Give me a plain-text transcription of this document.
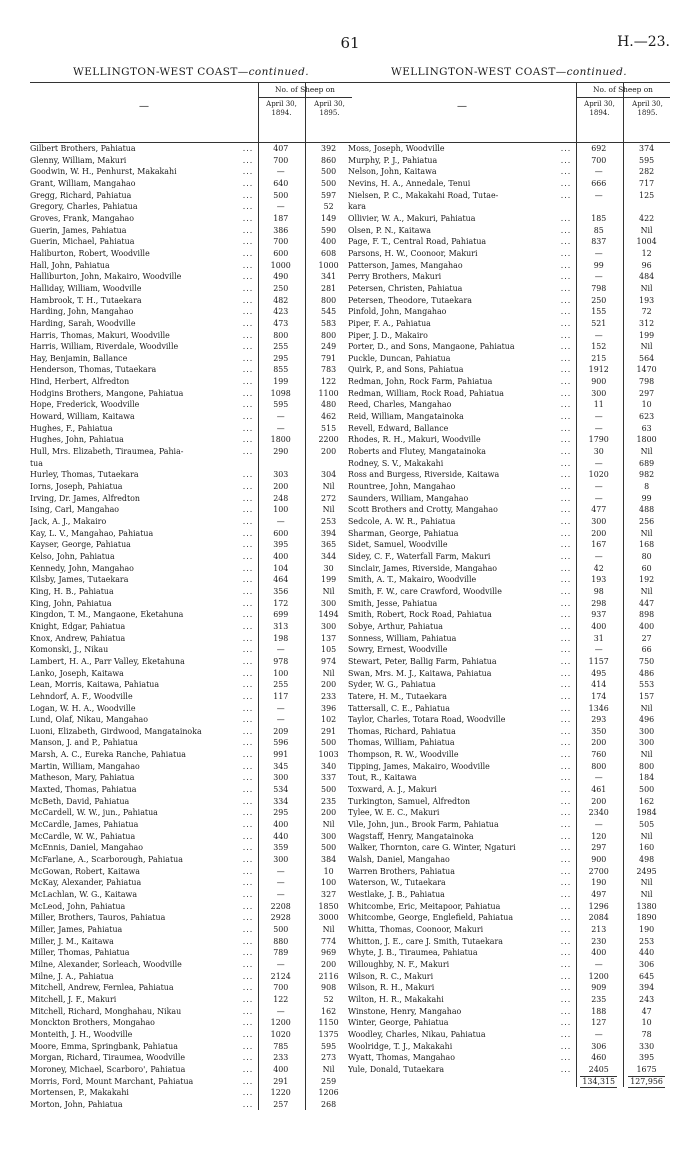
61	H.—23.
WELLINGTON-WEST COAST—continued.
—
No. of Sheep on
April 30, 1894.
April 30, 1895.
Gilbert Brothers, Pahiatua	...	407	392
Glenny, William, Makuri	...	700	860
Goodwin, W. H., Penhurst, Makakahi	...	—	500
Grant, William, Mangahao	...	640	500
Gregg, Richard, Pahiatua	...	500	597
Gregory, Charles, Pahiatua	...	—	52
Groves, Frank, Mangahao	...	187	149
Guerin, James, Pahiatua	...	386	590
Guerin, Michael, Pahiatua	...	700	400
Haliburton, Robert, Woodville	...	600	608
Hall, John, Pahiatua	...	1000	1000
Halliburton, John, Makairo, Woodville	...	490	341
Halliday, William, Woodville	...	250	281
Hambrook, T. H., Tutaekara	...	482	800
Harding, John, Mangahao	...	423	545
Harding, Sarah, Woodville	...	473	583
Harris, Thomas, Makuri, Woodville	...	800	800
Harris, William, Riverdale, Woodville	...	255	249
Hay, Benjamin, Ballance	...	295	791
Henderson, Thomas, Tutaekara	...	855	783
Hind, Herbert, Alfredton	...	199	122
Hodgins Brothers, Mangone, Pahiatua	...	1098	1100
Hope, Frederick, Woodville	...	595	480
Howard, William, Kaitawa	...	—	462
Hughes, F., Pahiatua	...	—	515
Hughes, John, Pahiatua	...	1800	2200
Hull, Mrs. Elizabeth, Tiraumea, Pahia-	...	290	200
tua
Hurley, Thomas, Tutaekara	...	303	304
Iorns, Joseph, Pahiatua	...	200	Nil
Irving, Dr. James, Alfredton	...	248	272
Ising, Carl, Mangahao	...	100	Nil
Jack, A. J., Makairo	...	—	253
Kay, L. V., Mangahao, Pahiatua	...	600	394
Kayser, George, Pahiatua	...	395	365
Kelso, John, Pahiatua	...	400	344
Kennedy, John, Mangahao	...	104	30
Kilsby, James, Tutaekara	...	464	199
King, H. B., Pahiatua	...	356	Nil
King, John, Pahiatua	...	172	300
Kingdon, T. M., Mangaone, Eketahuna	...	699	1494
Knight, Edgar, Pahiatua	...	313	300
Knox, Andrew, Pahiatua	...	198	137
Komonski, J., Nikau	...	—	105
Lambert, H. A., Parr Valley, Eketahuna	...	978	974
Lanko, Joseph, Kaitawa	...	100	Nil
Lean, Morris, Kaitawa, Pahiatua	...	255	200
Lehndorf, A. F., Woodville	...	117	233
Logan, W. H. A., Woodville	...	—	396
Lund, Olaf, Nikau, Mangahao	...	—	102
Luoni, Elizabeth, Girdwood, Mangatainoka	...	209	291
Manson, J. and P., Pahiatua	...	596	500
Marsh, A. C., Eureka Ranche, Pahiatua	...	991	1003
Martin, William, Mangahao	...	345	340
Matheson, Mary, Pahiatua	...	300	337
Maxted, Thomas, Pahiatua	...	534	500
McBeth, David, Pahiatua	...	334	235
McCardell, W. W., jun., Pahiatua	...	295	200
McCardle, James, Pahiatua	...	400	Nil
McCardle, W. W., Pahiatua	...	440	300
McEnnis, Daniel, Mangahao	...	359	500
McFarlane, A., Scarborough, Pahiatua	...	300	384
McGowan, Robert, Kaitawa	...	—	10
McKay, Alexander, Pahiatua	...	—	100
McLachlan, W. G., Kaitawa	...	—	327
McLeod, John, Pahiatua	...	2208	1850
Miller, Brothers, Tauros, Pahiatua	...	2928	3000
Miller, James, Pahiatua	...	500	Nil
Miller, J. M., Kaitawa	...	880	774
Miller, Thomas, Pahiatua	...	789	969
Milne, Alexander, Sorleach, Woodville	...	—	200
Milne, J. A., Pahiatua	...	2124	2116
Mitchell, Andrew, Fernlea, Pahiatua	...	700	908
Mitchell, J. F., Makuri	...	122	52
Mitchell, Richard, Monghahau, Nikau	...	—	162
Monckton Brothers, Mongahao	...	1200	1150
Monteith, J. H., Woodville	...	1020	1375
Moore, Emma, Springbank, Pahiatua	...	785	595
Morgan, Richard, Tiraumea, Woodville	...	233	273
Moroney, Michael, Scarboro', Pahiatua	...	400	Nil
Morris, Ford, Mount Marchant, Pahiatua	...	291	259
Mortensen, P., Makakahi	...	1220	1206
Morton, John, Pahiatua	...	257	268
WELLINGTON-WEST COAST—continued.
—
No. of Sheep on
April 30, 1894.
April 30, 1895.
Moss, Joseph, Woodville	...	692	374
Murphy, P. J., Pahiatua	...	700	595
Nelson, John, Kaitawa	...	—	282
Nevins, H. A., Annedale, Tenui	...	666	717
Nielsen, P. C., Makakahi Road, Tutae-	...	—	125
kara
Ollivier, W. A., Makuri, Pahiatua	...	185	422
Olsen, P. N., Kaitawa	...	85	Nil
Page, F. T., Central Road, Pahiatua	...	837	1004
Parsons, H. W., Coonoor, Makuri	...	—	12
Patterson, James, Mangahao	...	99	96
Perry Brothers, Makuri	...	—	484
Petersen, Christen, Pahiatua	...	798	Nil
Petersen, Theodore, Tutaekara	...	250	193
Pinfold, John, Mangahao	...	155	72
Piper, F. A., Pahiatua	...	521	312
Piper, J. D., Makairo	...	—	199
Porter, D., and Sons, Mangaone, Pahiatua	...	152	Nil
Puckle, Duncan, Pahiatua	...	215	564
Quirk, P., and Sons, Pahiatua	...	1912	1470
Redman, John, Rock Farm, Pahiatua	...	900	798
Redman, William, Rock Road, Pahiatua	...	300	297
Reed, Charles, Mangahao	...	11	10
Reid, William, Mangatainoka	...	—	623
Revell, Edward, Ballance	...	—	63
Rhodes, R. H., Makuri, Woodville	...	1790	1800
Roberts and Flutey, Mangatainoka	...	30	Nil
Rodney, S. V., Makakahi	...	—	689
Ross and Burgess, Riverside, Kaitawa	...	1020	982
Rountree, John, Mangahao	...	—	8
Saunders, William, Mangahao	...	—	99
Scott Brothers and Crotty, Mangahao	...	477	488
Sedcole, A. W. R., Pahiatua	...	300	256
Sharman, George, Pahiatua	...	200	Nil
Sidet, Samuel, Woodville	...	167	168
Sidey, C. F., Waterfall Farm, Makuri	...	—	80
Sinclair, James, Riverside, Mangahao	...	42	60
Smith, A. T., Makairo, Woodville	...	193	192
Smith, F. W., care Crawford, Woodville	...	98	Nil
Smith, Jesse, Pahiatua	...	298	447
Smith, Robert, Rock Road, Pahiatua	...	937	898
Sobye, Arthur, Pahiatua	...	400	400
Sonness, William, Pahiatua	...	31	27
Sowry, Ernest, Woodville	...	—	66
Stewart, Peter, Ballig Farm, Pahiatua	...	1157	750
Swan, Mrs. M. J., Kaitawa, Pahiatua	...	495	486
Syder, W. G., Pahiatua	...	414	553
Tatere, H. M., Tutaekara	...	174	157
Tattersall, C. E., Pahiatua	...	1346	Nil
Taylor, Charles, Totara Road, Woodville	...	293	496
Thomas, Richard, Pahiatua	...	350	300
Thomas, William, Pahiatua	...	200	300
Thompson, R. W., Woodville	...	760	Nil
Tipping, James, Makairo, Woodville	...	800	800
Tout, R., Kaitawa	...	—	184
Toxward, A. J., Makuri	...	461	500
Turkington, Samuel, Alfredton	...	200	162
Tylee, W. E. C., Makuri	...	2340	1984
Vile, John, jun., Brook Farm, Pahiatua	...	—	505
Wagstaff, Henry, Mangatainoka	...	120	Nil
Walker, Thornton, care G. Winter, Ngaturi	...	297	160
Walsh, Daniel, Mangahao	...	900	498
Warren Brothers, Pahiatua	...	2700	2495
Waterson, W., Tutaekara	...	190	Nil
Westlake, J. B., Pahiatua	...	497	Nil
Whitcombe, Eric, Meitapoor, Pahiatua	...	1296	1380
Whitcombe, George, Englefield, Pahiatua	...	2084	1890
Whitta, Thomas, Coonoor, Makuri	...	213	190
Whitton, J. E., care J. Smith, Tutaekara	...	230	253
Whyte, J. B., Tiraumea, Pahiatua	...	400	440
Willoughby, N. F., Makuri	...	—	306
Wilson, R. C., Makuri	...	1200	645
Wilson, R. H., Makuri	...	909	394
Wilton, H. R., Makakahi	...	235	243
Winstone, Henry, Mangahao	...	188	47
Winter, George, Pahiatua	...	127	10
Woodley, Charles, Nikau, Pahiatua	...	—	78
Woolridge, T. J., Makakahi	...	306	330
Wyatt, Thomas, Mangahao	...	460	395
Yule, Donald, Tutaekara	...	2405	1675
134,315	127,956
